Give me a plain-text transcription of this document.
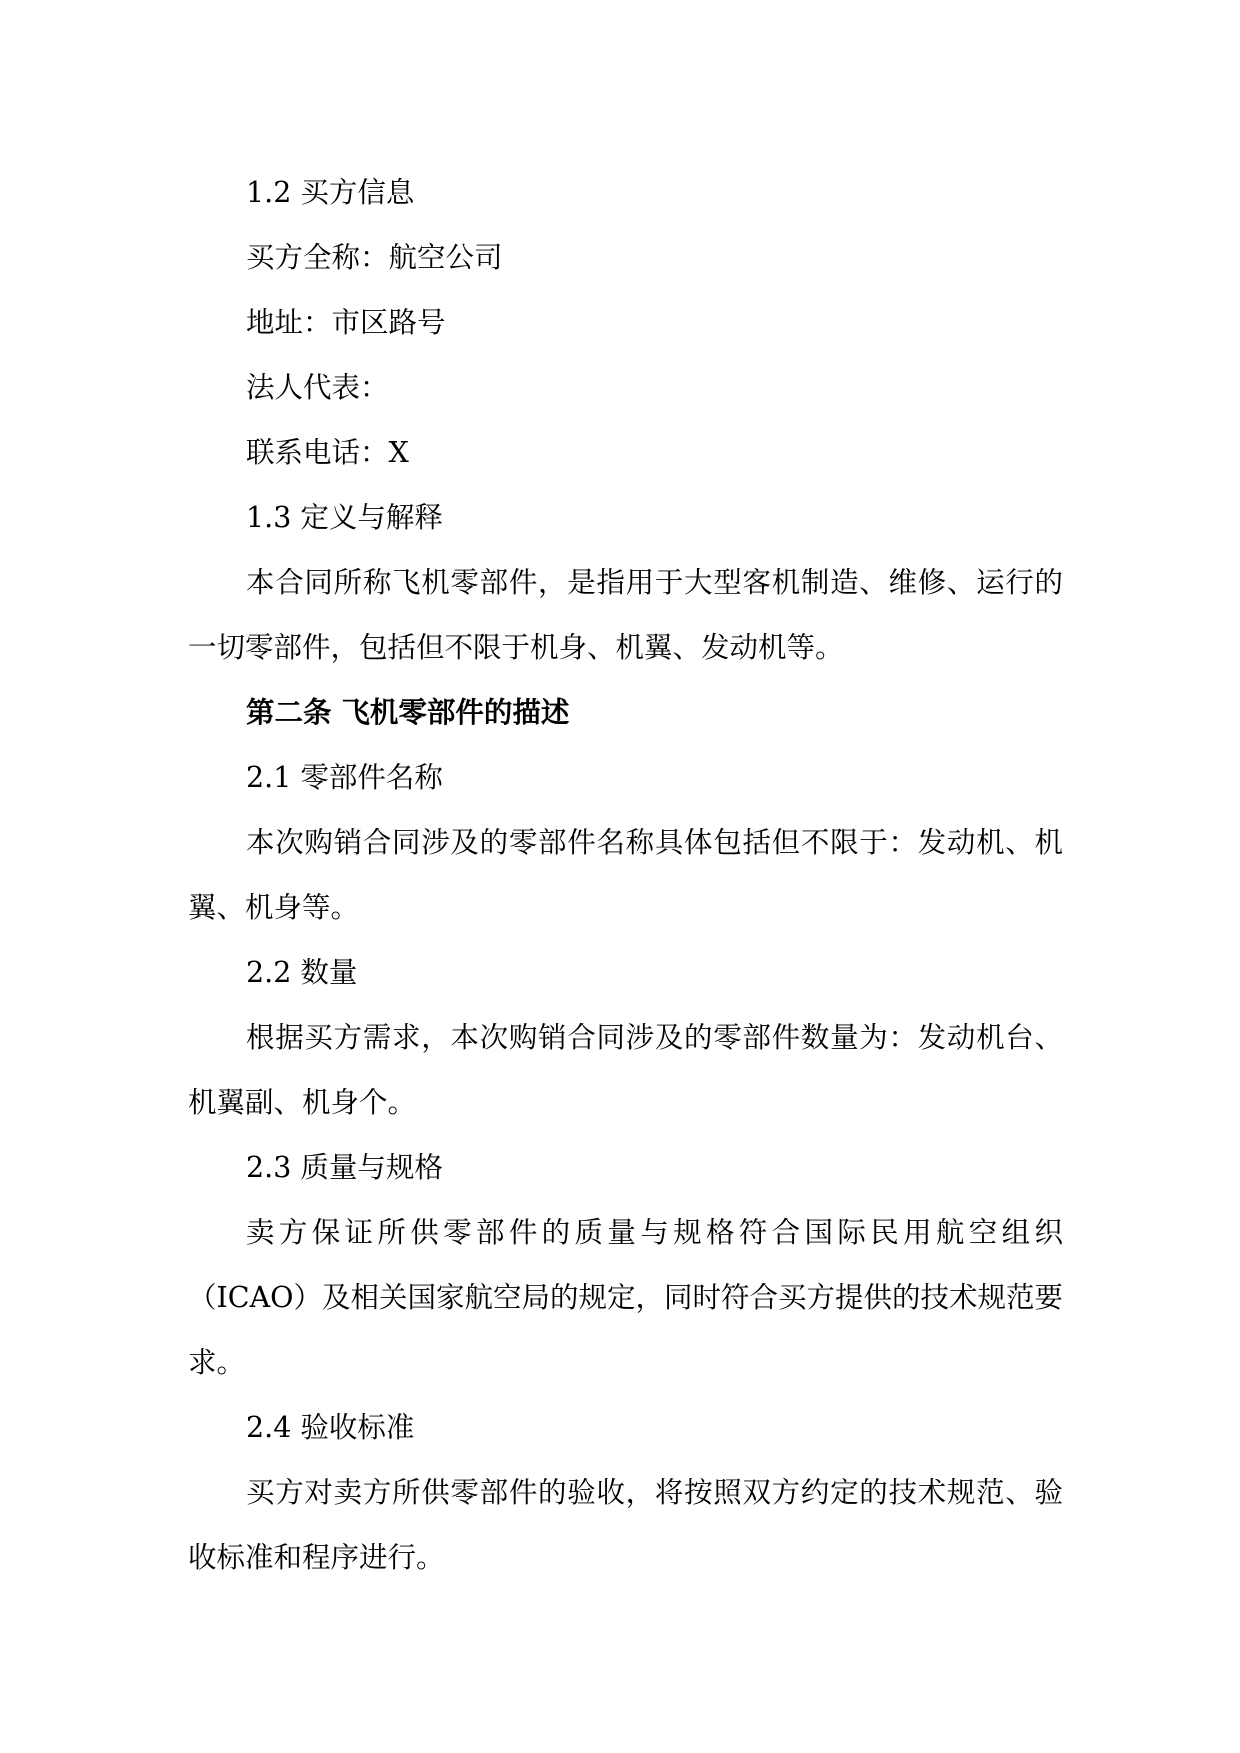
1.2 买方信息

买方全称：航空公司

地址：市区路号

法人代表：

联系电话：X

1.3 定义与解释

本合同所称飞机零部件，是指用于大型客机制造、维修、运行的一切零部件，包括但不限于机身、机翼、发动机等。

第二条 飞机零部件的描述

2.1 零部件名称

本次购销合同涉及的零部件名称具体包括但不限于：发动机、机翼、机身等。

2.2 数量

根据买方需求，本次购销合同涉及的零部件数量为：发动机台、机翼副、机身个。

2.3 质量与规格

卖方保证所供零部件的质量与规格符合国际民用航空组织（ICAO）及相关国家航空局的规定，同时符合买方提供的技术规范要求。

2.4 验收标准

买方对卖方所供零部件的验收，将按照双方约定的技术规范、验收标准和程序进行。
